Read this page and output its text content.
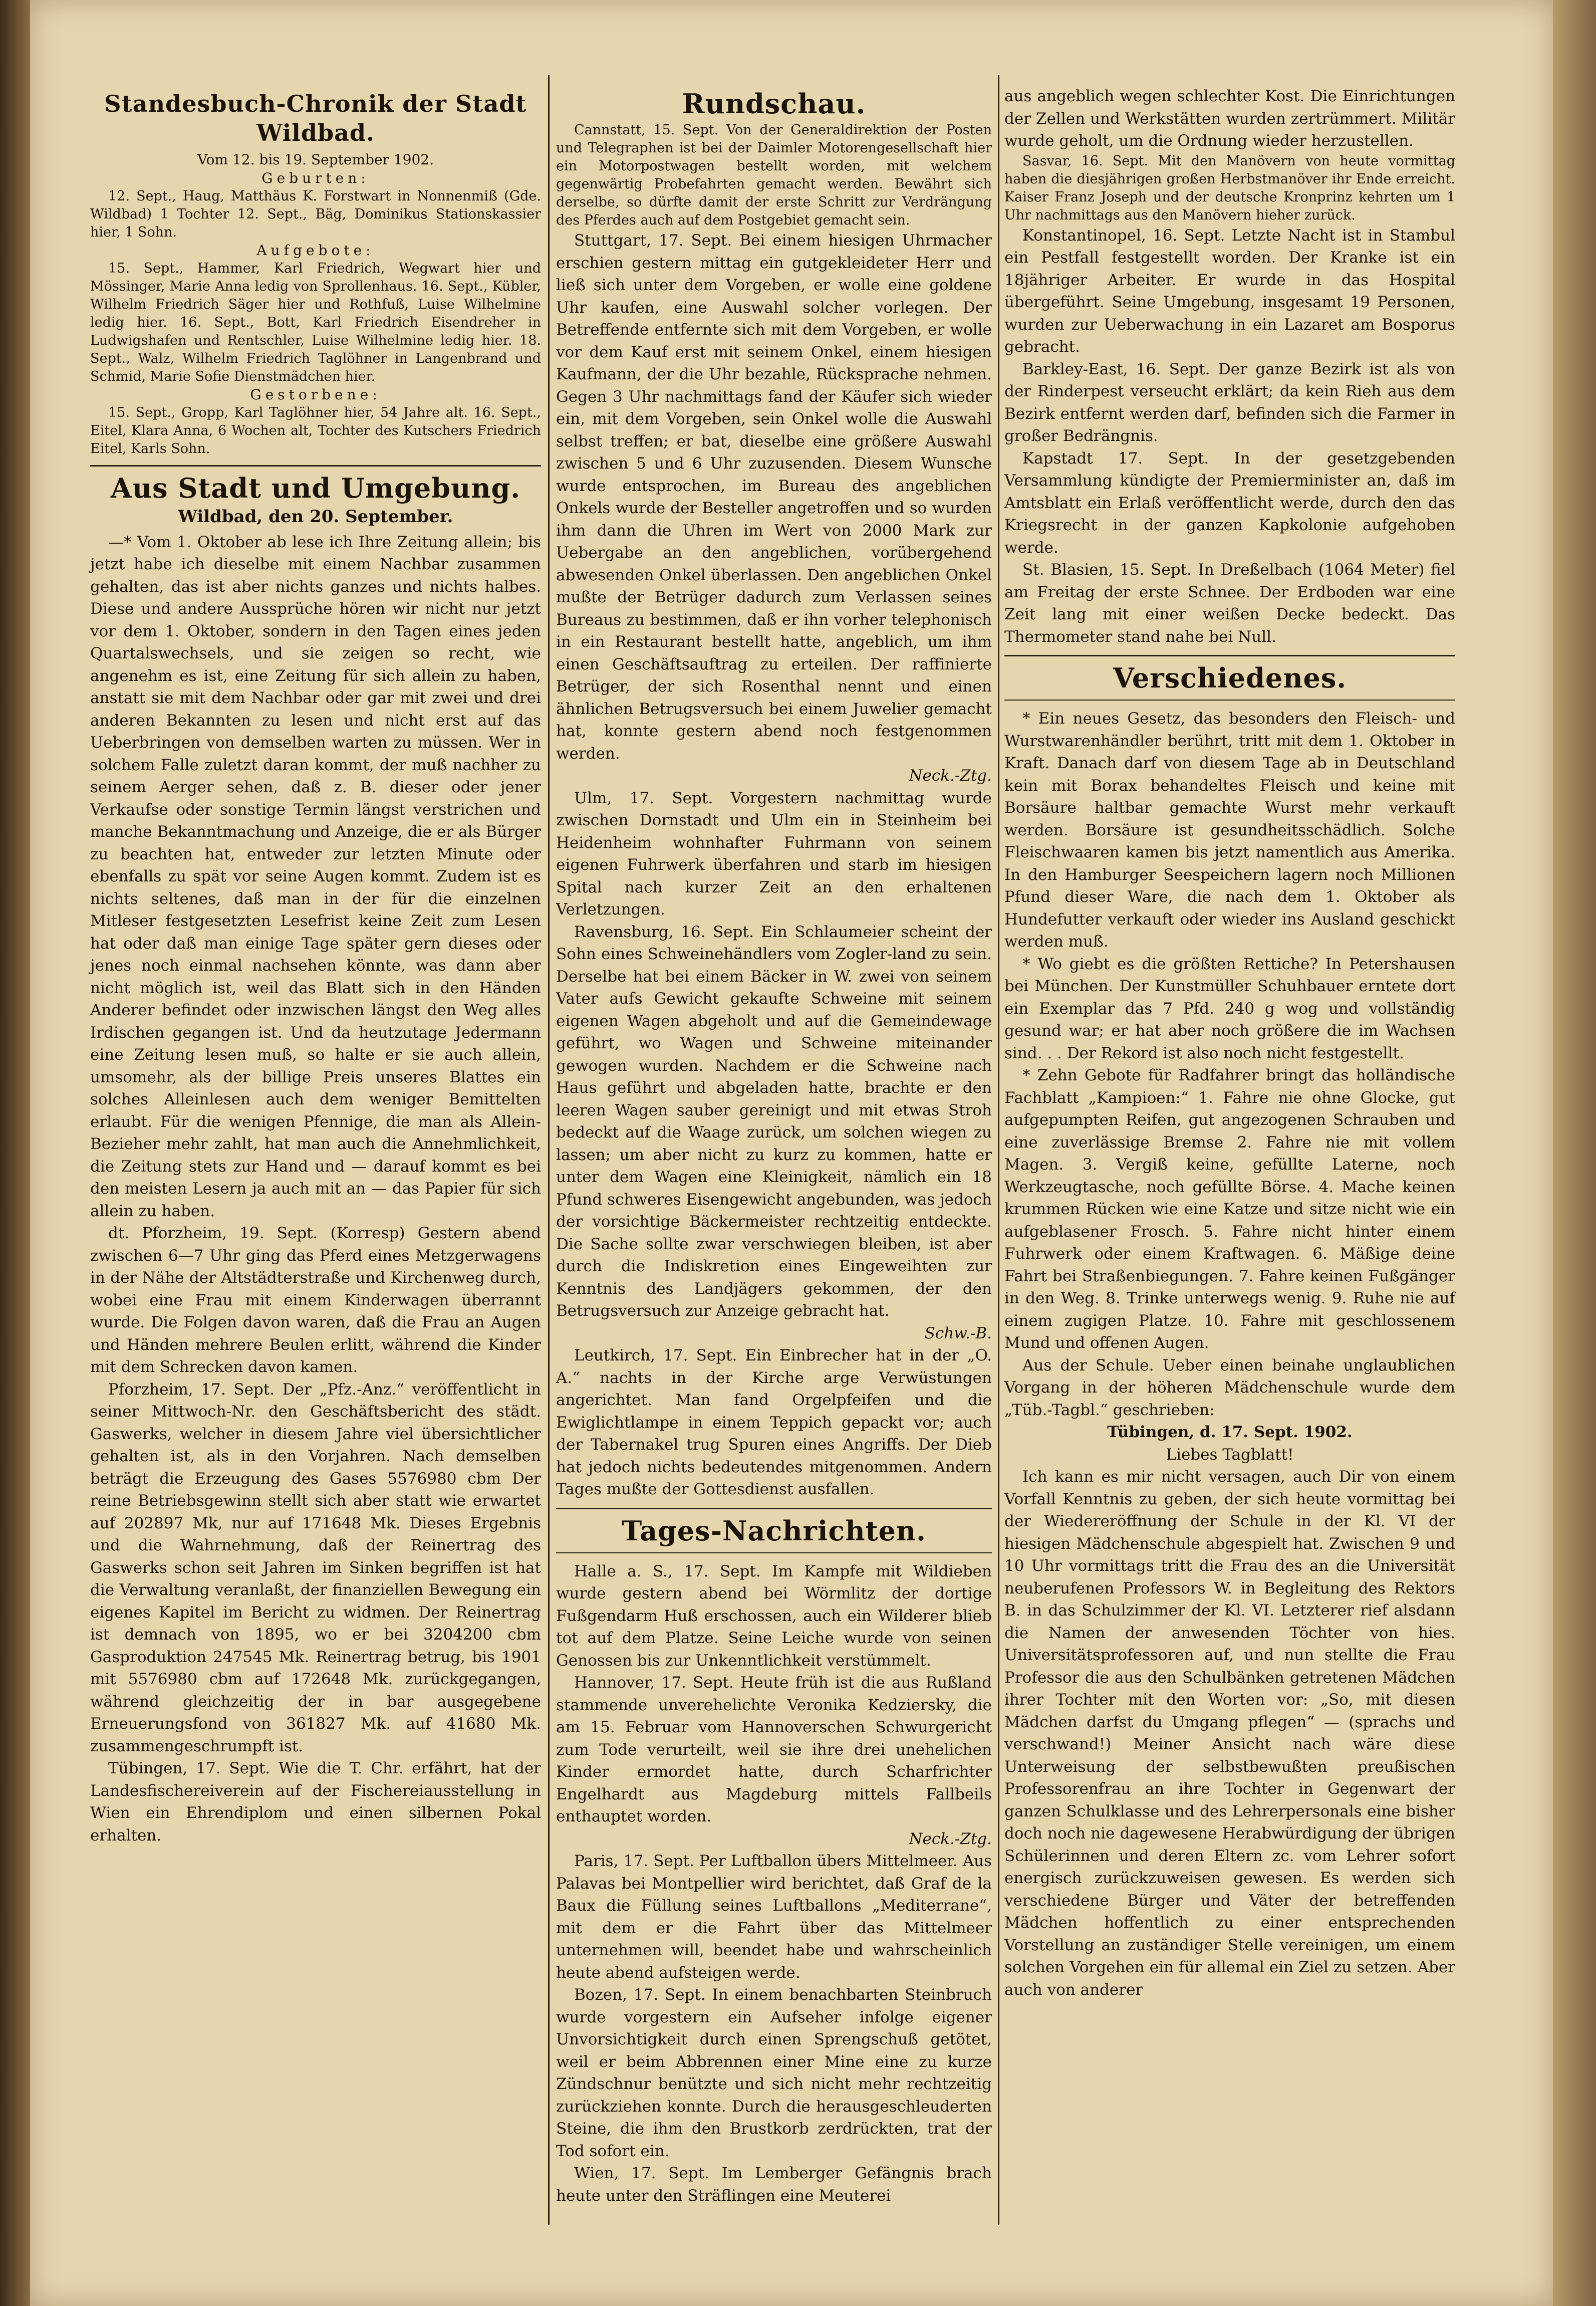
Standesbuch-Chronik der Stadt Wildbad.
Vom 12. bis 19. September 1902.
Geburten:

12. Sept., Haug, Matthäus K. Forstwart in Nonnenmiß (Gde. Wildbad) 1 Tochter 12. Sept., Bäg, Dominikus Stationskassier hier, 1 Sohn.

Aufgebote:

15. Sept., Hammer, Karl Friedrich, Wegwart hier und Mössinger, Marie Anna ledig von Sprollenhaus. 16. Sept., Kübler, Wilhelm Friedrich Säger hier und Rothfuß, Luise Wilhelmine ledig hier. 16. Sept., Bott, Karl Friedrich Eisendreher in Ludwigshafen und Rentschler, Luise Wilhelmine ledig hier. 18. Sept., Walz, Wilhelm Friedrich Taglöhner in Langenbrand und Schmid, Marie Sofie Dienstmädchen hier.

Gestorbene:

15. Sept., Gropp, Karl Taglöhner hier, 54 Jahre alt. 16. Sept., Eitel, Klara Anna, 6 Wochen alt, Tochter des Kutschers Friedrich Eitel, Karls Sohn.

Aus Stadt und Umgebung.
Wildbad, den 20. September.

—* Vom 1. Oktober ab lese ich Ihre Zeitung allein; bis jetzt habe ich dieselbe mit einem Nachbar zusammen gehalten, das ist aber nichts ganzes und nichts halbes. Diese und andere Aussprüche hören wir nicht nur jetzt vor dem 1. Oktober, sondern in den Tagen eines jeden Quartalswechsels, und sie zeigen so recht, wie angenehm es ist, eine Zeitung für sich allein zu haben, anstatt sie mit dem Nachbar oder gar mit zwei und drei anderen Bekannten zu lesen und nicht erst auf das Ueberbringen von demselben warten zu müssen. Wer in solchem Falle zuletzt daran kommt, der muß nachher zu seinem Aerger sehen, daß z. B. dieser oder jener Verkaufse oder sonstige Termin längst verstrichen und manche Bekanntmachung und Anzeige, die er als Bürger zu beachten hat, entweder zur letzten Minute oder ebenfalls zu spät vor seine Augen kommt. Zudem ist es nichts seltenes, daß man in der für die einzelnen Mitleser festgesetzten Lesefrist keine Zeit zum Lesen hat oder daß man einige Tage später gern dieses oder jenes noch einmal nachsehen könnte, was dann aber nicht möglich ist, weil das Blatt sich in den Händen Anderer befindet oder inzwischen längst den Weg alles Irdischen gegangen ist. Und da heutzutage Jedermann eine Zeitung lesen muß, so halte er sie auch allein, umsomehr, als der billige Preis unseres Blattes ein solches Alleinlesen auch dem weniger Bemittelten erlaubt. Für die wenigen Pfennige, die man als Allein-Bezieher mehr zahlt, hat man auch die Annehmlichkeit, die Zeitung stets zur Hand und — darauf kommt es bei den meisten Lesern ja auch mit an — das Papier für sich allein zu haben.

dt. Pforzheim, 19. Sept. (Korresp) Gestern abend zwischen 6—7 Uhr ging das Pferd eines Metzgerwagens in der Nähe der Altstädterstraße und Kirchenweg durch, wobei eine Frau mit einem Kinderwagen überrannt wurde. Die Folgen davon waren, daß die Frau an Augen und Händen mehrere Beulen erlitt, während die Kinder mit dem Schrecken davon kamen.

Pforzheim, 17. Sept. Der „Pfz.-Anz.“ veröffentlicht in seiner Mittwoch-Nr. den Geschäftsbericht des städt. Gaswerks, welcher in diesem Jahre viel übersichtlicher gehalten ist, als in den Vorjahren. Nach demselben beträgt die Erzeugung des Gases 5576980 cbm Der reine Betriebsgewinn stellt sich aber statt wie erwartet auf 202897 Mk, nur auf 171648 Mk. Dieses Ergebnis und die Wahrnehmung, daß der Reinertrag des Gaswerks schon seit Jahren im Sinken begriffen ist hat die Verwaltung veranlaßt, der finanziellen Bewegung ein eigenes Kapitel im Bericht zu widmen. Der Reinertrag ist demnach von 1895, wo er bei 3204200 cbm Gasproduktion 247545 Mk. Reinertrag betrug, bis 1901 mit 5576980 cbm auf 172648 Mk. zurückgegangen, während gleichzeitig der in bar ausgegebene Erneuerungsfond von 361827 Mk. auf 41680 Mk. zusammengeschrumpft ist.

Tübingen, 17. Sept. Wie die T. Chr. erfährt, hat der Landesfischereiverein auf der Fischereiausstellung in Wien ein Ehrendiplom und einen silbernen Pokal erhalten.

Rundschau.

Cannstatt, 15. Sept. Von der Generaldirektion der Posten und Telegraphen ist bei der Daimler Motorengesellschaft hier ein Motorpostwagen bestellt worden, mit welchem gegenwärtig Probefahrten gemacht werden. Bewährt sich derselbe, so dürfte damit der erste Schritt zur Verdrängung des Pferdes auch auf dem Postgebiet gemacht sein.

Stuttgart, 17. Sept. Bei einem hiesigen Uhrmacher erschien gestern mittag ein gutgekleideter Herr und ließ sich unter dem Vorgeben, er wolle eine goldene Uhr kaufen, eine Auswahl solcher vorlegen. Der Betreffende entfernte sich mit dem Vorgeben, er wolle vor dem Kauf erst mit seinem Onkel, einem hiesigen Kaufmann, der die Uhr bezahle, Rücksprache nehmen. Gegen 3 Uhr nachmittags fand der Käufer sich wieder ein, mit dem Vorgeben, sein Onkel wolle die Auswahl selbst treffen; er bat, dieselbe eine größere Auswahl zwischen 5 und 6 Uhr zuzusenden. Diesem Wunsche wurde entsprochen, im Bureau des angeblichen Onkels wurde der Besteller angetroffen und so wurden ihm dann die Uhren im Wert von 2000 Mark zur Uebergabe an den angeblichen, vorübergehend abwesenden Onkel überlassen. Den angeblichen Onkel mußte der Betrüger dadurch zum Verlassen seines Bureaus zu bestimmen, daß er ihn vorher telephonisch in ein Restaurant bestellt hatte, angeblich, um ihm einen Geschäftsauftrag zu erteilen. Der raffinierte Betrüger, der sich Rosenthal nennt und einen ähnlichen Betrugsversuch bei einem Juwelier gemacht hat, konnte gestern abend noch festgenommen werden.

Neck.-Ztg.

Ulm, 17. Sept. Vorgestern nachmittag wurde zwischen Dornstadt und Ulm ein in Steinheim bei Heidenheim wohnhafter Fuhrmann von seinem eigenen Fuhrwerk überfahren und starb im hiesigen Spital nach kurzer Zeit an den erhaltenen Verletzungen.

Ravensburg, 16. Sept. Ein Schlaumeier scheint der Sohn eines Schweinehändlers vom Zogler-land zu sein. Derselbe hat bei einem Bäcker in W. zwei von seinem Vater aufs Gewicht gekaufte Schweine mit seinem eigenen Wagen abgeholt und auf die Gemeindewage geführt, wo Wagen und Schweine miteinander gewogen wurden. Nachdem er die Schweine nach Haus geführt und abgeladen hatte, brachte er den leeren Wagen sauber gereinigt und mit etwas Stroh bedeckt auf die Waage zurück, um solchen wiegen zu lassen; um aber nicht zu kurz zu kommen, hatte er unter dem Wagen eine Kleinigkeit, nämlich ein 18 Pfund schweres Eisengewicht angebunden, was jedoch der vorsichtige Bäckermeister rechtzeitig entdeckte. Die Sache sollte zwar verschwiegen bleiben, ist aber durch die Indiskretion eines Eingeweihten zur Kenntnis des Landjägers gekommen, der den Betrugsversuch zur Anzeige gebracht hat.

Schw.-B.

Leutkirch, 17. Sept. Ein Einbrecher hat in der „O. A.“ nachts in der Kirche arge Verwüstungen angerichtet. Man fand Orgelpfeifen und die Ewiglichtlampe in einem Teppich gepackt vor; auch der Tabernakel trug Spuren eines Angriffs. Der Dieb hat jedoch nichts bedeutendes mitgenommen. Andern Tages mußte der Gottesdienst ausfallen.

Tages-Nachrichten.

Halle a. S., 17. Sept. Im Kampfe mit Wildieben wurde gestern abend bei Wörmlitz der dortige Fußgendarm Huß erschossen, auch ein Wilderer blieb tot auf dem Platze. Seine Leiche wurde von seinen Genossen bis zur Unkenntlichkeit verstümmelt.

Hannover, 17. Sept. Heute früh ist die aus Rußland stammende unverehelichte Veronika Kedziersky, die am 15. Februar vom Hannoverschen Schwurgericht zum Tode verurteilt, weil sie ihre drei unehelichen Kinder ermordet hatte, durch Scharfrichter Engelhardt aus Magdeburg mittels Fallbeils enthauptet worden.

Neck.-Ztg.

Paris, 17. Sept. Per Luftballon übers Mittelmeer. Aus Palavas bei Montpellier wird berichtet, daß Graf de la Baux die Füllung seines Luftballons „Mediterrane“, mit dem er die Fahrt über das Mittelmeer unternehmen will, beendet habe und wahrscheinlich heute abend aufsteigen werde.

Bozen, 17. Sept. In einem benachbarten Steinbruch wurde vorgestern ein Aufseher infolge eigener Unvorsichtigkeit durch einen Sprengschuß getötet, weil er beim Abbrennen einer Mine eine zu kurze Zündschnur benützte und sich nicht mehr rechtzeitig zurückziehen konnte. Durch die herausgeschleuderten Steine, die ihm den Brustkorb zerdrückten, trat der Tod sofort ein.

Wien, 17. Sept. Im Lemberger Gefängnis brach heute unter den Sträflingen eine Meuterei

aus angeblich wegen schlechter Kost. Die Einrichtungen der Zellen und Werkstätten wurden zertrümmert. Militär wurde geholt, um die Ordnung wieder herzustellen.

Sasvar, 16. Sept. Mit den Manövern von heute vormittag haben die diesjährigen großen Herbstmanöver ihr Ende erreicht. Kaiser Franz Joseph und der deutsche Kronprinz kehrten um 1 Uhr nachmittags aus den Manövern hieher zurück.

Konstantinopel, 16. Sept. Letzte Nacht ist in Stambul ein Pestfall festgestellt worden. Der Kranke ist ein 18jähriger Arbeiter. Er wurde in das Hospital übergeführt. Seine Umgebung, insgesamt 19 Personen, wurden zur Ueberwachung in ein Lazaret am Bosporus gebracht.

Barkley-East, 16. Sept. Der ganze Bezirk ist als von der Rinderpest verseucht erklärt; da kein Rieh aus dem Bezirk entfernt werden darf, befinden sich die Farmer in großer Bedrängnis.

Kapstadt 17. Sept. In der gesetzgebenden Versammlung kündigte der Premierminister an, daß im Amtsblatt ein Erlaß veröffentlicht werde, durch den das Kriegsrecht in der ganzen Kapkolonie aufgehoben werde.

St. Blasien, 15. Sept. In Dreßelbach (1064 Meter) fiel am Freitag der erste Schnee. Der Erdboden war eine Zeit lang mit einer weißen Decke bedeckt. Das Thermometer stand nahe bei Null.

Verschiedenes.

* Ein neues Gesetz, das besonders den Fleisch- und Wurstwarenhändler berührt, tritt mit dem 1. Oktober in Kraft. Danach darf von diesem Tage ab in Deutschland kein mit Borax behandeltes Fleisch und keine mit Borsäure haltbar gemachte Wurst mehr verkauft werden. Borsäure ist gesundheitsschädlich. Solche Fleischwaaren kamen bis jetzt namentlich aus Amerika. In den Hamburger Seespeichern lagern noch Millionen Pfund dieser Ware, die nach dem 1. Oktober als Hundefutter verkauft oder wieder ins Ausland geschickt werden muß.

* Wo giebt es die größten Rettiche? In Petershausen bei München. Der Kunstmüller Schuhbauer erntete dort ein Exemplar das 7 Pfd. 240 g wog und vollständig gesund war; er hat aber noch größere die im Wachsen sind. . . Der Rekord ist also noch nicht festgestellt.

* Zehn Gebote für Radfahrer bringt das holländische Fachblatt „Kampioen:“ 1. Fahre nie ohne Glocke, gut aufgepumpten Reifen, gut angezogenen Schrauben und eine zuverlässige Bremse 2. Fahre nie mit vollem Magen. 3. Vergiß keine, gefüllte Laterne, noch Werkzeugtasche, noch gefüllte Börse. 4. Mache keinen krummen Rücken wie eine Katze und sitze nicht wie ein aufgeblasener Frosch. 5. Fahre nicht hinter einem Fuhrwerk oder einem Kraftwagen. 6. Mäßige deine Fahrt bei Straßenbiegungen. 7. Fahre keinen Fußgänger in den Weg. 8. Trinke unterwegs wenig. 9. Ruhe nie auf einem zugigen Platze. 10. Fahre mit geschlossenem Mund und offenen Augen.

Aus der Schule. Ueber einen beinahe unglaublichen Vorgang in der höheren Mädchenschule wurde dem „Tüb.-Tagbl.“ geschrieben:

Tübingen, d. 17. Sept. 1902.
Liebes Tagblatt!

Ich kann es mir nicht versagen, auch Dir von einem Vorfall Kenntnis zu geben, der sich heute vormittag bei der Wiedereröffnung der Schule in der Kl. VI der hiesigen Mädchenschule abgespielt hat. Zwischen 9 und 10 Uhr vormittags tritt die Frau des an die Universität neuberufenen Professors W. in Begleitung des Rektors B. in das Schulzimmer der Kl. VI. Letzterer rief alsdann die Namen der anwesenden Töchter von hies. Universitätsprofessoren auf, und nun stellte die Frau Professor die aus den Schulbänken getretenen Mädchen ihrer Tochter mit den Worten vor: „So, mit diesen Mädchen darfst du Umgang pflegen“ — (sprachs und verschwand!) Meiner Ansicht nach wäre diese Unterweisung der selbstbewußten preußischen Professorenfrau an ihre Tochter in Gegenwart der ganzen Schulklasse und des Lehrerpersonals eine bisher doch noch nie dagewesene Herabwürdigung der übrigen Schülerinnen und deren Eltern zc. vom Lehrer sofort energisch zurückzuweisen gewesen. Es werden sich verschiedene Bürger und Väter der betreffenden Mädchen hoffentlich zu einer entsprechenden Vorstellung an zuständiger Stelle vereinigen, um einem solchen Vorgehen ein für allemal ein Ziel zu setzen. Aber auch von anderer
